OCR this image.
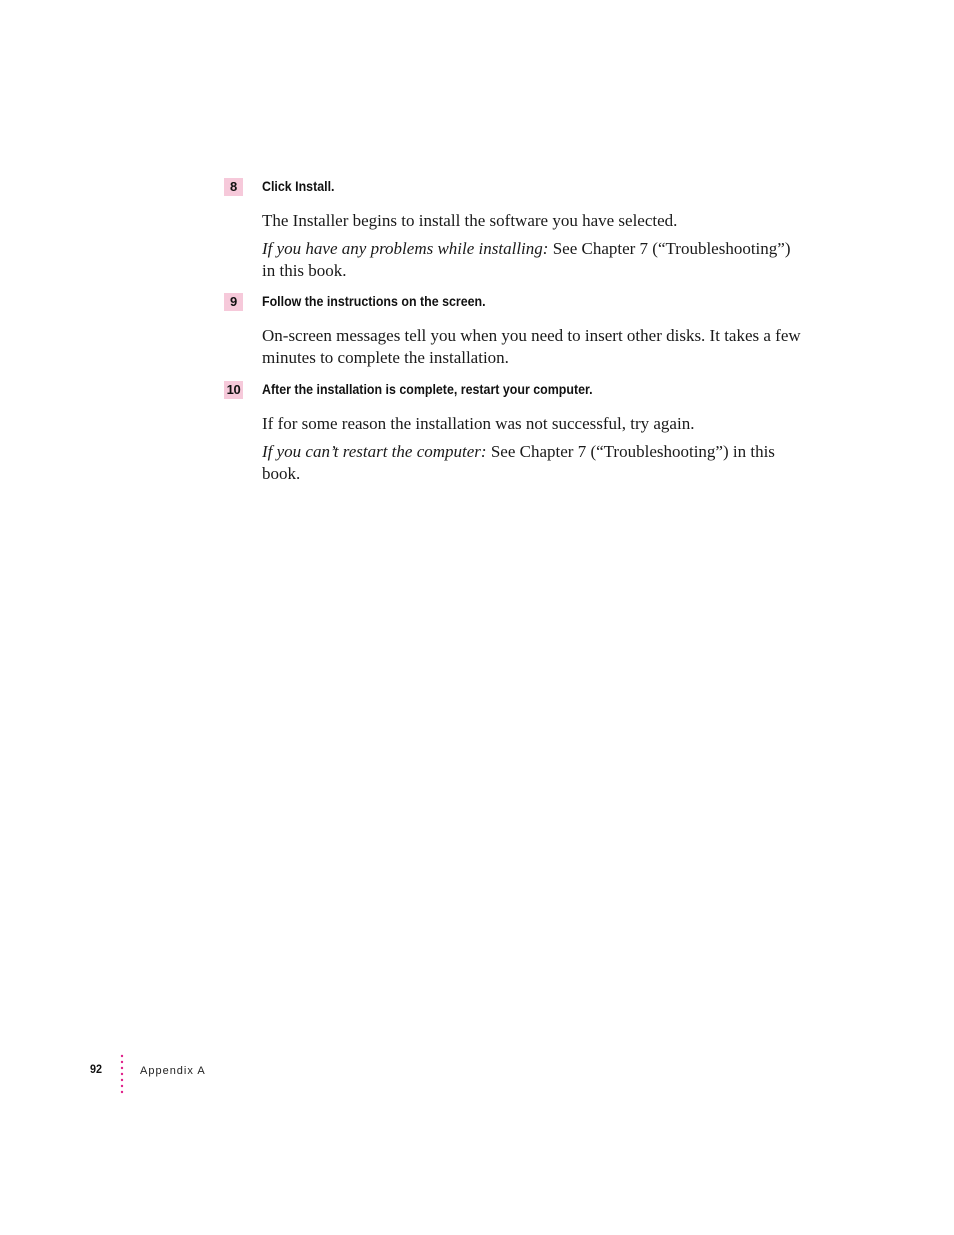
8	Click Install.

The Installer begins to install the software you have selected.

If you have any problems while installing: See Chapter 7 (“Troubleshooting”) in this book.

9	Follow the instructions on the screen.

On-screen messages tell you when you need to insert other disks. It takes a few minutes to complete the installation.

10 After the installation is complete, restart your computer.

If for some reason the installation was not successful, try again.

If you can’t restart the computer: See Chapter 7 (“Troubleshooting”) in this book.

92	Appendix A
